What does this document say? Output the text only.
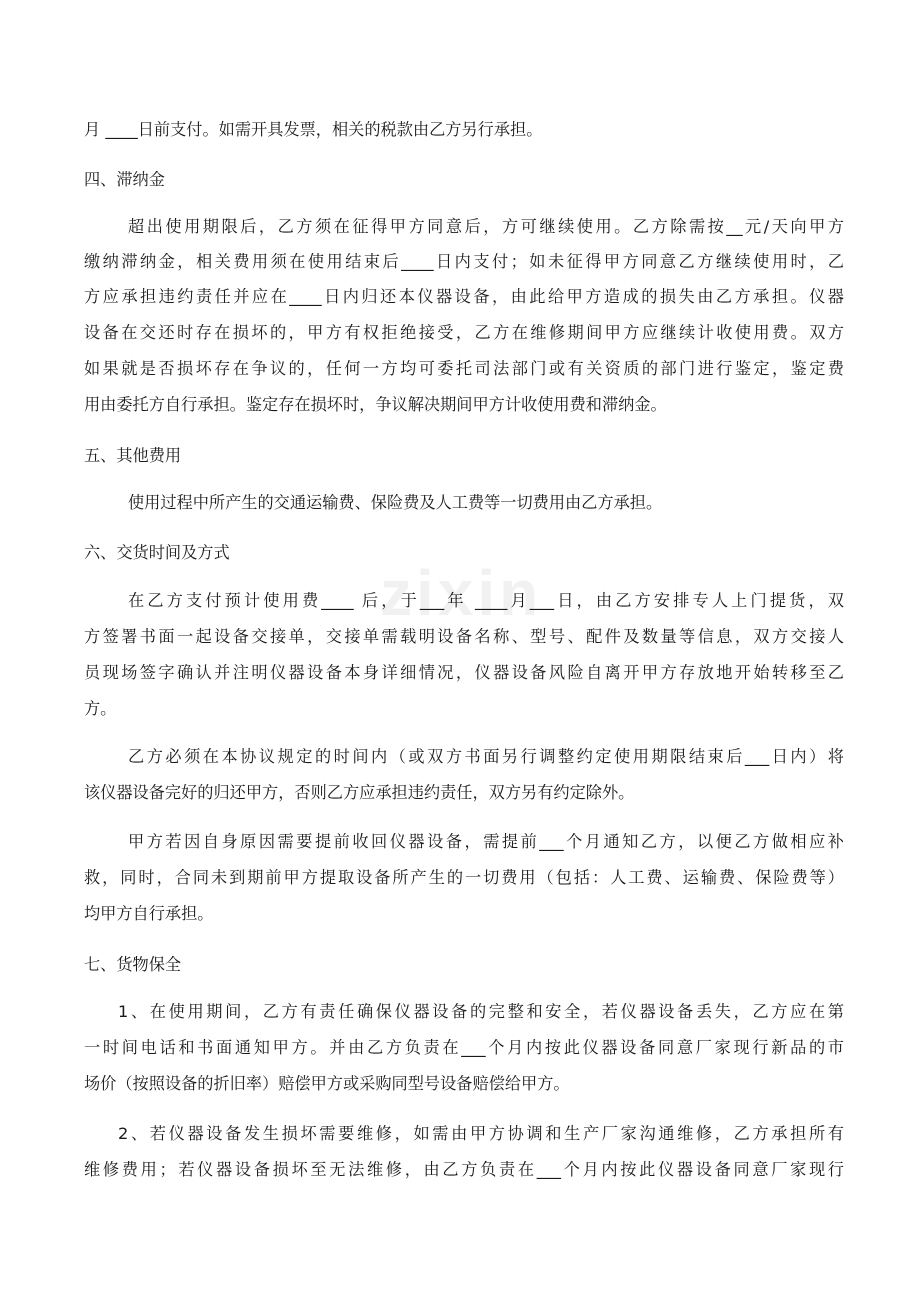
zixin
月 ____日前支付。如需开具发票，相关的税款由乙方另行承担。
四、滞纳金
超出使用期限后，乙方须在征得甲方同意后，方可继续使用。乙方除需按__元/天向甲方
缴纳滞纳金，相关费用须在使用结束后____日内支付；如未征得甲方同意乙方继续使用时，乙
方应承担违约责任并应在____日内归还本仪器设备，由此给甲方造成的损失由乙方承担。仪器
设备在交还时存在损坏的，甲方有权拒绝接受，乙方在维修期间甲方应继续计收使用费。双方
如果就是否损坏存在争议的，任何一方均可委托司法部门或有关资质的部门进行鉴定，鉴定费
用由委托方自行承担。鉴定存在损坏时，争议解决期间甲方计收使用费和滞纳金。
五、其他费用
使用过程中所产生的交通运输费、保险费及人工费等一切费用由乙方承担。
六、交货时间及方式
在乙方支付预计使用费____ 后，于___年 ____月___日，由乙方安排专人上门提货，双
方签署书面一起设备交接单，交接单需载明设备名称、型号、配件及数量等信息，双方交接人
员现场签字确认并注明仪器设备本身详细情况，仪器设备风险自离开甲方存放地开始转移至乙
方。
乙方必须在本协议规定的时间内（或双方书面另行调整约定使用期限结束后___日内）将
该仪器设备完好的归还甲方，否则乙方应承担违约责任，双方另有约定除外。
甲方若因自身原因需要提前收回仪器设备，需提前___个月通知乙方，以便乙方做相应补
救，同时，合同未到期前甲方提取设备所产生的一切费用（包括：人工费、运输费、保险费等）
均甲方自行承担。
七、货物保全
1、在使用期间，乙方有责任确保仪器设备的完整和安全，若仪器设备丢失，乙方应在第
一时间电话和书面通知甲方。并由乙方负责在___个月内按此仪器设备同意厂家现行新品的市
场价（按照设备的折旧率）赔偿甲方或采购同型号设备赔偿给甲方。
2、若仪器设备发生损坏需要维修，如需由甲方协调和生产厂家沟通维修，乙方承担所有
维修费用；若仪器设备损坏至无法维修，由乙方负责在___个月内按此仪器设备同意厂家现行
